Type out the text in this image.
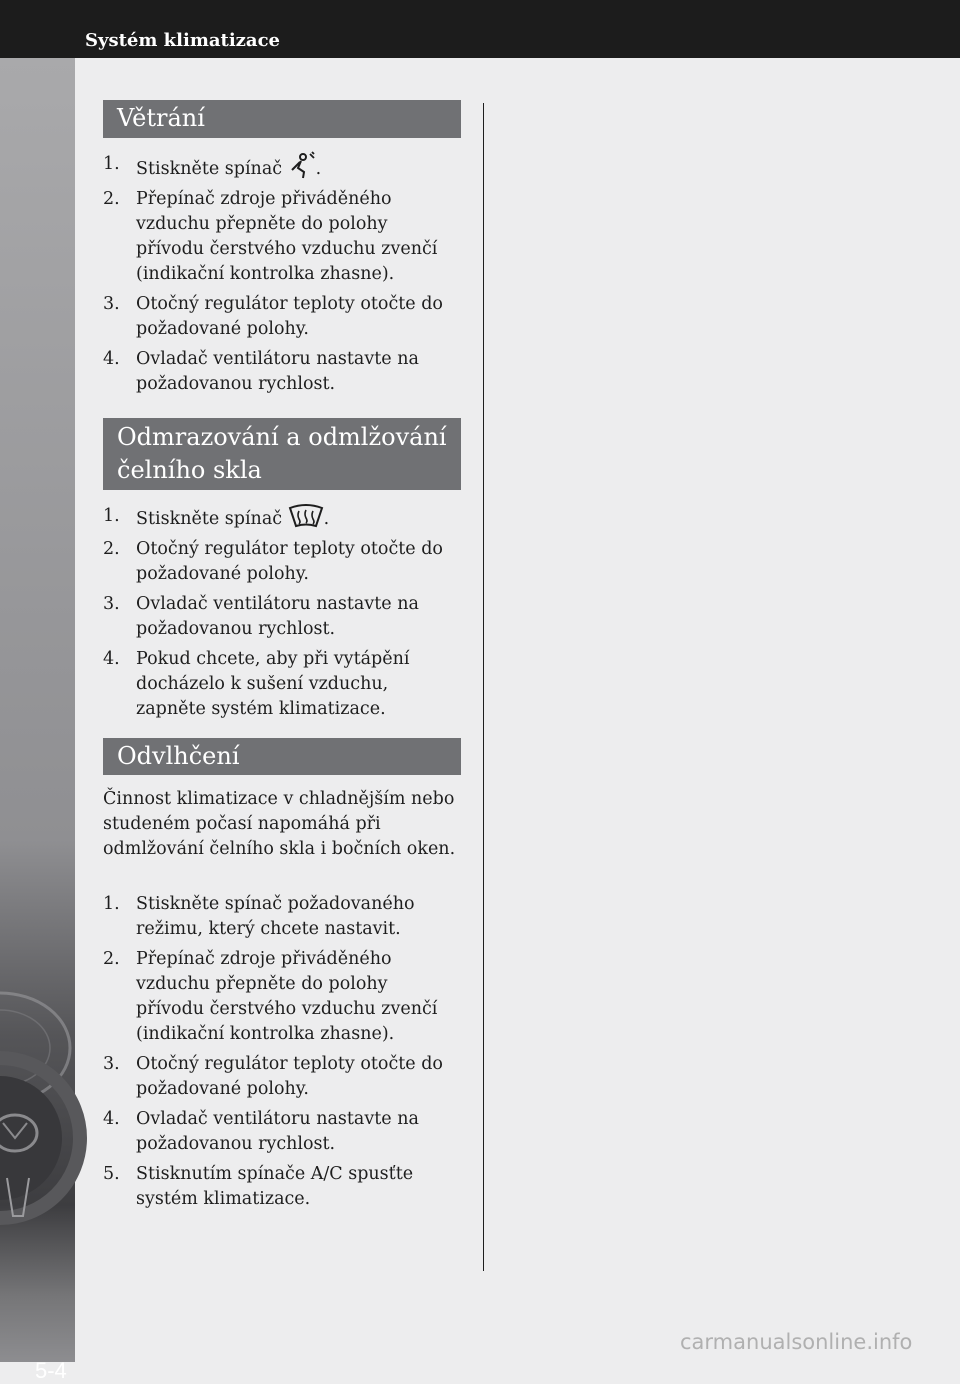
Systém klimatizace
5-4
Větrání
1. Stiskněte spínač .
2. Přepínač zdroje přiváděného vzduchu přepněte do polohy přívodu čerstvého vzduchu zvenčí (indikační kontrolka zhasne).
3. Otočný regulátor teploty otočte do požadované polohy.
4. Ovladač ventilátoru nastavte na požadovanou rychlost.
Odmrazování a odmlžování
čelního skla
1. Stiskněte spínač .
2. Otočný regulátor teploty otočte do požadované polohy.
3. Ovladač ventilátoru nastavte na požadovanou rychlost.
4. Pokud chcete, aby při vytápění docházelo k sušení vzduchu, zapněte systém klimatizace.
Odvlhčení

Činnost klimatizace v chladnějším nebo studeném počasí napomáhá při odmlžování čelního skla i bočních oken.

1. Stiskněte spínač požadovaného režimu, který chcete nastavit.
2. Přepínač zdroje přiváděného vzduchu přepněte do polohy přívodu čerstvého vzduchu zvenčí (indikační kontrolka zhasne).
3. Otočný regulátor teploty otočte do požadované polohy.
4. Ovladač ventilátoru nastavte na požadovanou rychlost.
5. Stisknutím spínače A/C spusťte systém klimatizace.
carmanualsonline.info
